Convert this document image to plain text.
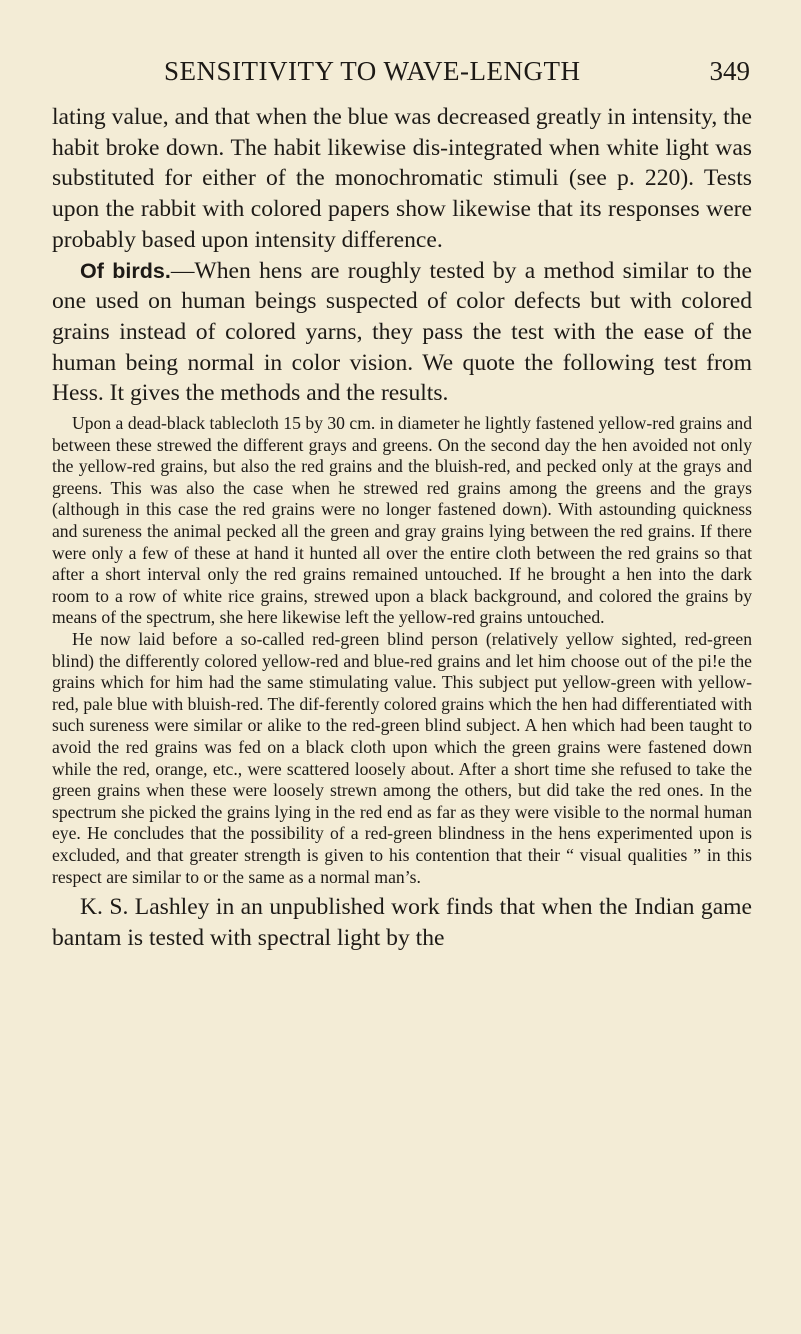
SENSITIVITY TO WAVE-LENGTH	349

lating value, and that when the blue was decreased greatly in intensity, the habit broke down. The habit likewise dis-integrated when white light was substituted for either of the monochromatic stimuli (see p. 220). Tests upon the rabbit with colored papers show likewise that its responses were probably based upon intensity difference.

Of birds.—When hens are roughly tested by a method similar to the one used on human beings suspected of color defects but with colored grains instead of colored yarns, they pass the test with the ease of the human being normal in color vision. We quote the following test from Hess. It gives the methods and the results.

Upon a dead-black tablecloth 15 by 30 cm. in diameter he lightly fastened yellow-red grains and between these strewed the different grays and greens. On the second day the hen avoided not only the yellow-red grains, but also the red grains and the bluish-red, and pecked only at the grays and greens. This was also the case when he strewed red grains among the greens and the grays (although in this case the red grains were no longer fastened down). With astounding quickness and sureness the animal pecked all the green and gray grains lying between the red grains. If there were only a few of these at hand it hunted all over the entire cloth between the red grains so that after a short interval only the red grains remained untouched. If he brought a hen into the dark room to a row of white rice grains, strewed upon a black background, and colored the grains by means of the spectrum, she here likewise left the yellow-red grains untouched.

He now laid before a so-called red-green blind person (relatively yellow sighted, red-green blind) the differently colored yellow-red and blue-red grains and let him choose out of the pi!e the grains which for him had the same stimulating value. This subject put yellow-green with yellow-red, pale blue with bluish-red. The dif-ferently colored grains which the hen had differentiated with such sureness were similar or alike to the red-green blind subject. A hen which had been taught to avoid the red grains was fed on a black cloth upon which the green grains were fastened down while the red, orange, etc., were scattered loosely about. After a short time she refused to take the green grains when these were loosely strewn among the others, but did take the red ones. In the spectrum she picked the grains lying in the red end as far as they were visible to the normal human eye. He concludes that the possibility of a red-green blindness in the hens experimented upon is excluded, and that greater strength is given to his contention that their “ visual qualities ” in this respect are similar to or the same as a normal man’s.

K. S. Lashley in an unpublished work finds that when the Indian game bantam is tested with spectral light by the
